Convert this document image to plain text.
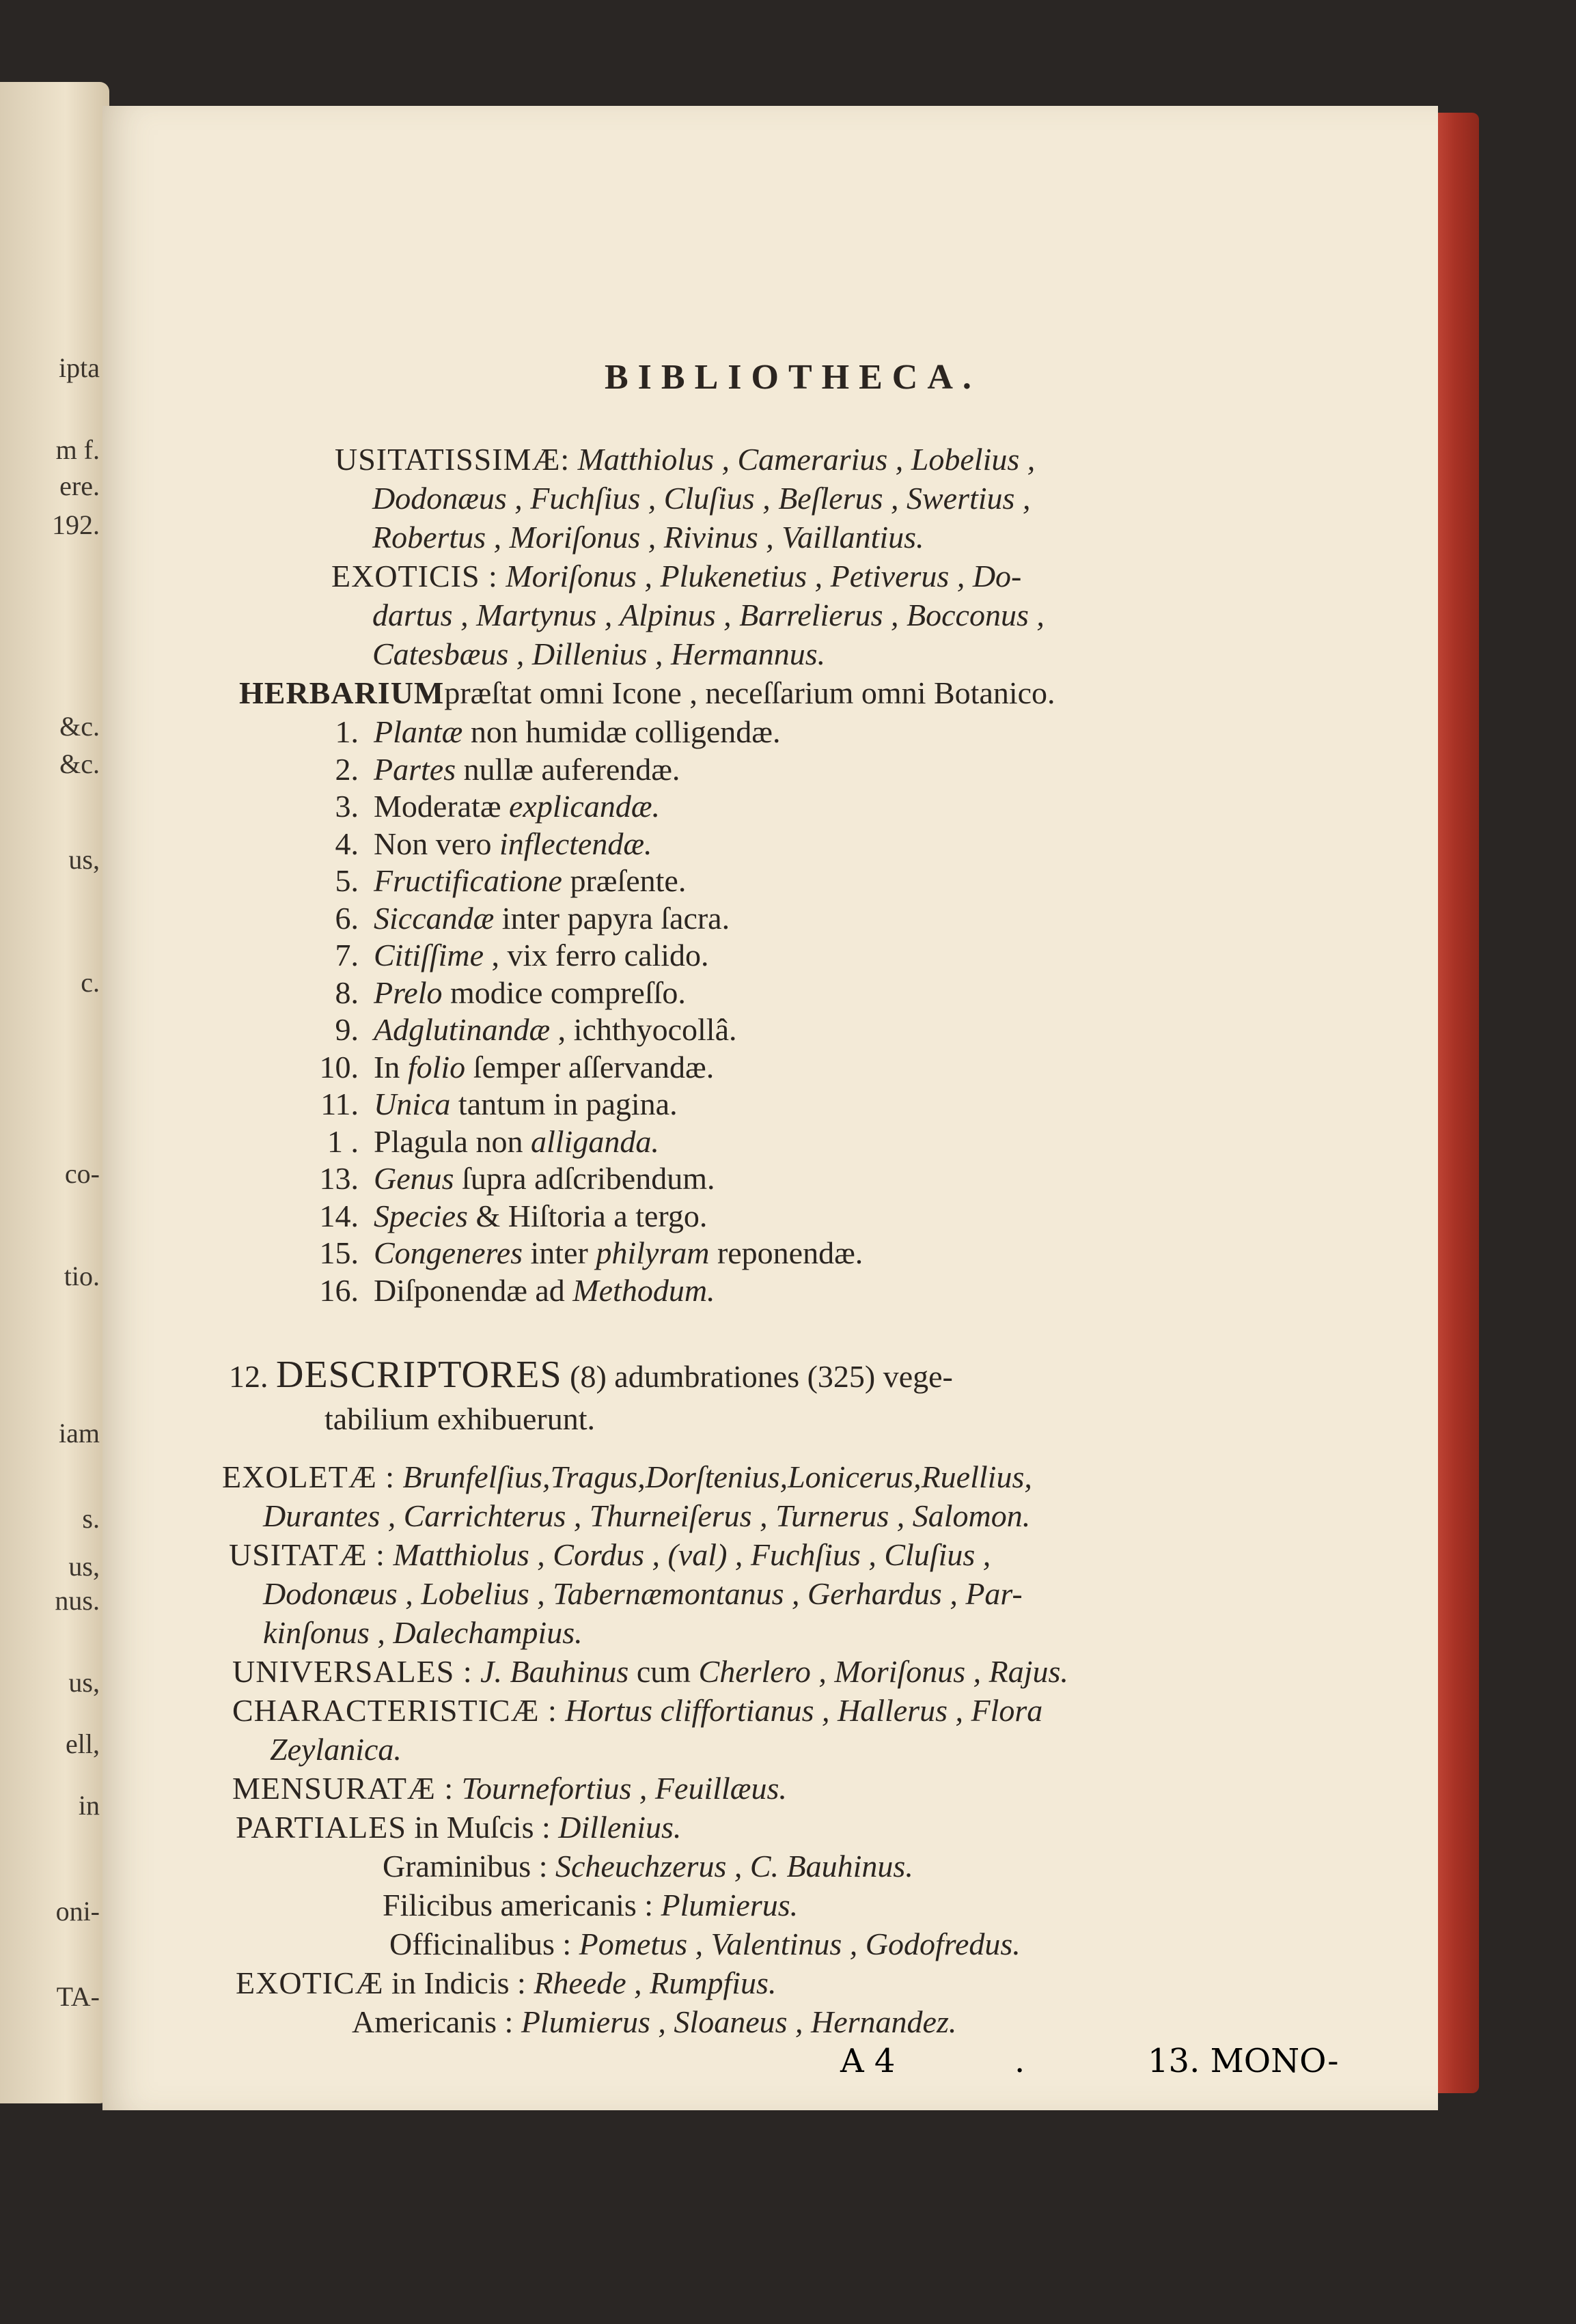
ipta
m f.
ere.
192.
&c.
&c.
us,
c.
co-
tio.
iam
s.
us,
nus.
us,
ell,
in
oni-
TA-
BIBLIOTHECA.
USITATISSIMÆ: Matthiolus , Camerarius , Lobelius ,
Dodonæus , Fuchſius , Cluſius , Beſlerus , Swertius ,
Robertus , Moriſonus , Rivinus , Vaillantius.
EXOTICIS : Moriſonus , Plukenetius , Petiverus , Do-
dartus , Martynus , Alpinus , Barrelierus , Bocconus ,
Catesbæus , Dillenius , Hermannus.
HERBARIUMpræſtat omni Icone , neceſſarium omni Botanico.
1. Plantæ non humidæ colligendæ.
2. Partes nullæ auferendæ.
3. Moderatæ explicandæ.
4. Non vero inflectendæ.
5. Fructificatione præſente.
6. Siccandæ inter papyra ſacra.
7. Citiſſime , vix ferro calido.
8. Prelo modice compreſſo.
9. Adglutinandæ , ichthyocollâ.
10. In folio ſemper aſſervandæ.
11. Unica tantum in pagina.
1 . Plagula non alliganda.
13. Genus ſupra adſcribendum.
14. Species & Hiſtoria a tergo.
15. Congeneres inter philyram reponendæ.
16. Diſponendæ ad Methodum.
12. DESCRIPTORES (8) adumbrationes (325) vege-
tabilium exhibuerunt.
EXOLETÆ : Brunfelſius,Tragus,Dorſtenius,Lonicerus,Ruellius,
Durantes , Carrichterus , Thurneiſerus , Turnerus , Salomon.
USITATÆ : Matthiolus , Cordus , (val) , Fuchſius , Cluſius ,
Dodonæus , Lobelius , Tabernæmontanus , Gerhardus , Par-
kinſonus , Dalechampius.
UNIVERSALES : J. Bauhinus cum Cherlero , Moriſonus , Rajus.
CHARACTERISTICÆ : Hortus cliffortianus , Hallerus , Flora
Zeylanica.
MENSURATÆ : Tournefortius , Feuillæus.
PARTIALES in Muſcis : Dillenius.
Graminibus : Scheuchzerus , C. Bauhinus.
Filicibus americanis : Plumierus.
Officinalibus : Pometus , Valentinus , Godofredus.
EXOTICÆ in Indicis : Rheede , Rumpfius.
Americanis : Plumierus , Sloaneus , Hernandez.
A 4	.	13. MONO-
